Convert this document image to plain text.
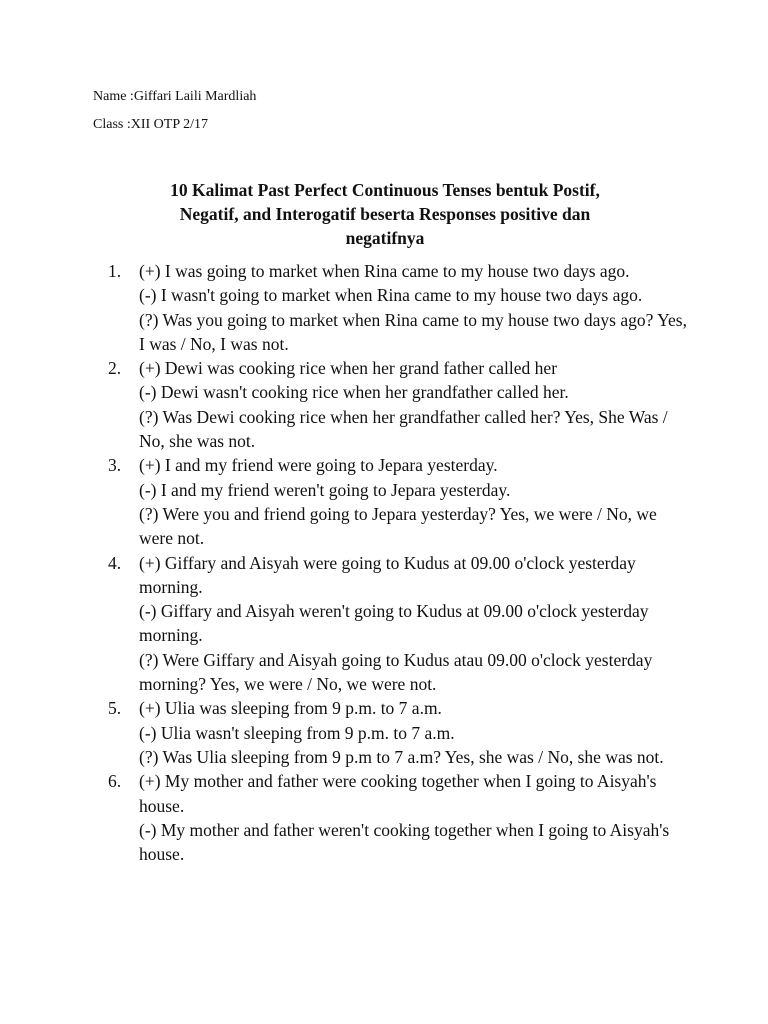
Name :Giffari Laili Mardliah
Class :XII OTP 2/17
10 Kalimat Past Perfect Continuous Tenses bentuk Postif,
Negatif, and Interogatif beserta Responses positive dan
negatifnya
1. (+) I was going to market when Rina came to my house two days ago.
(-) I wasn't going to market when Rina came to my house two days ago.
(?) Was you going to market when Rina came to my house two days ago? Yes, I was / No, I was not.
2. (+) Dewi was cooking rice when her grand father called her
(-) Dewi wasn't cooking rice when her grandfather called her.
(?) Was Dewi cooking rice when her grandfather called her? Yes, She Was / No, she was not.
3. (+) I and my friend were going to Jepara yesterday.
(-) I and my friend weren't going to Jepara yesterday.
(?) Were you and friend going to Jepara yesterday? Yes, we were / No, we were not.
4. (+) Giffary and Aisyah were going to Kudus at 09.00 o'clock yesterday morning.
(-) Giffary and Aisyah weren't going to Kudus at 09.00 o'clock yesterday morning.
(?) Were Giffary and Aisyah going to Kudus atau 09.00 o'clock yesterday morning? Yes, we were / No, we were not.
5. (+) Ulia was sleeping from 9 p.m. to 7 a.m.
(-) Ulia wasn't sleeping from 9 p.m. to 7 a.m.
(?) Was Ulia sleeping from 9 p.m to 7 a.m? Yes, she was / No, she was not.
6. (+) My mother and father were cooking together when I going to Aisyah's house.
(-) My mother and father weren't cooking together when I going to Aisyah's house.
